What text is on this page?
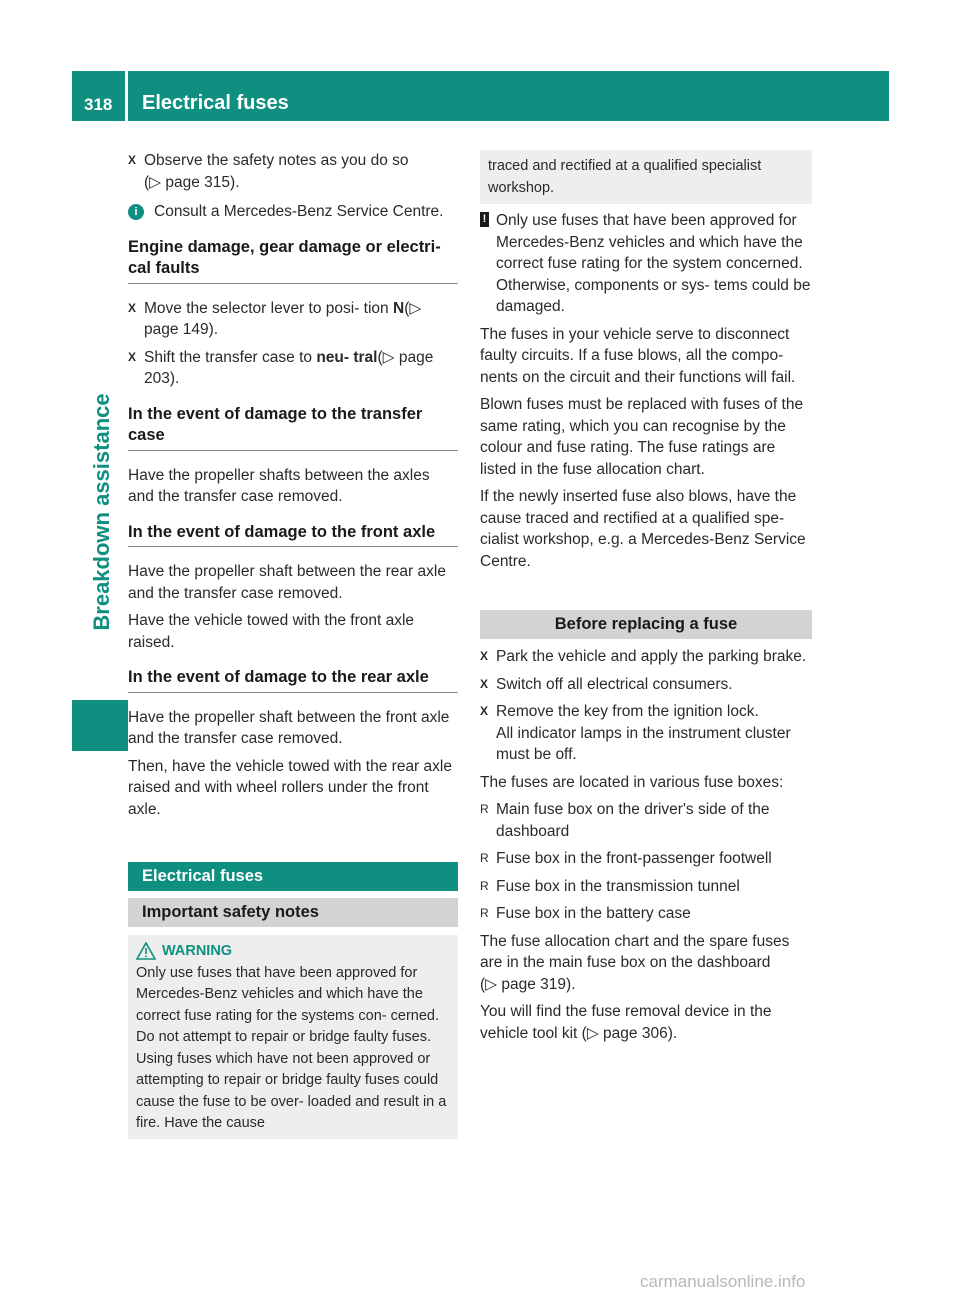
318 Electrical fuses
Breakdown assistance
X Observe the safety notes as you do so
(▷ page 315).
i	Consult a Mercedes-Benz Service Centre.
Engine damage, gear damage or electri- cal faults
X Move the selector lever to posi- tion N(▷ page 149).
X Shift the transfer case to neu- tral(▷ page 203).
In the event of damage to the transfer case
Have the propeller shafts between the axles and the transfer case removed.
In the event of damage to the front axle
Have the propeller shaft between the rear axle and the transfer case removed.
Have the vehicle towed with the front axle raised.
In the event of damage to the rear axle
Have the propeller shaft between the front axle and the transfer case removed.
Then, have the vehicle towed with the rear axle raised and with wheel rollers under the front axle.
Electrical fuses
Important safety notes
WARNING
Only use fuses that have been approved for Mercedes-Benz vehicles and which have the correct fuse rating for the systems con- cerned. Do not attempt to repair or bridge faulty fuses. Using fuses which have not been approved or attempting to repair or bridge faulty fuses could cause the fuse to be over- loaded and result in a fire. Have the cause
traced and rectified at a qualified specialist workshop.
! Only use fuses that have been approved for Mercedes-Benz vehicles and which have the correct fuse rating for the system concerned. Otherwise, components or sys- tems could be damaged.
The fuses in your vehicle serve to disconnect faulty circuits. If a fuse blows, all the compo- nents on the circuit and their functions will fail.
Blown fuses must be replaced with fuses of the same rating, which you can recognise by the colour and fuse rating. The fuse ratings are listed in the fuse allocation chart.
If the newly inserted fuse also blows, have the cause traced and rectified at a qualified spe- cialist workshop, e.g. a Mercedes-Benz Service Centre.
Before replacing a fuse
X Park the vehicle and apply the parking brake.
X Switch off all electrical consumers.
X Remove the key from the ignition lock.
All indicator lamps in the instrument cluster must be off.
The fuses are located in various fuse boxes:
R Main fuse box on the driver's side of the dashboard
R Fuse box in the front-passenger footwell
R Fuse box in the transmission tunnel
R Fuse box in the battery case
The fuse allocation chart and the spare fuses are in the main fuse box on the dashboard
(▷ page 319).
You will find the fuse removal device in the vehicle tool kit (▷ page 306).
carmanualsonline.info
